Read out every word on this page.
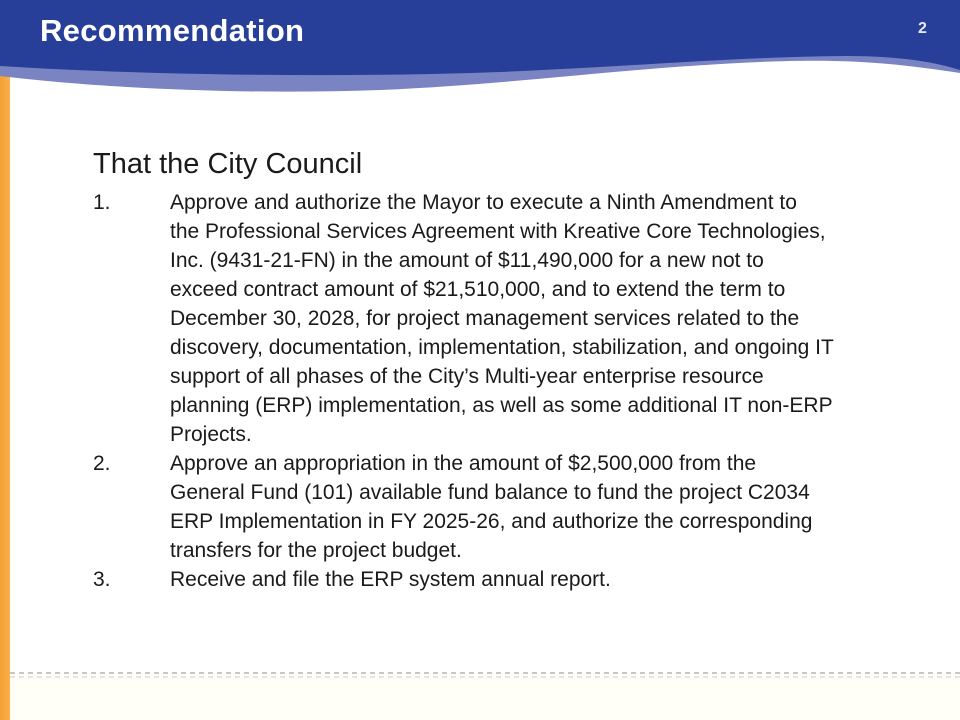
Recommendation	2
That the City Council
1.	Approve and authorize the Mayor to execute a Ninth Amendment to
the Professional Services Agreement with Kreative Core Technologies,
Inc. (9431-21-FN) in the amount of $11,490,000 for a new not to
exceed contract amount of $21,510,000, and to extend the term to
December 30, 2028, for project management services related to the
discovery, documentation, implementation, stabilization, and ongoing IT
support of all phases of the City’s Multi-year enterprise resource
planning (ERP) implementation, as well as some additional IT non-ERP
Projects.
2.	Approve an appropriation in the amount of $2,500,000 from the
General Fund (101) available fund balance to fund the project C2034
ERP Implementation in FY 2025-26, and authorize the corresponding
transfers for the project budget.
3.	Receive and file the ERP system annual report.
